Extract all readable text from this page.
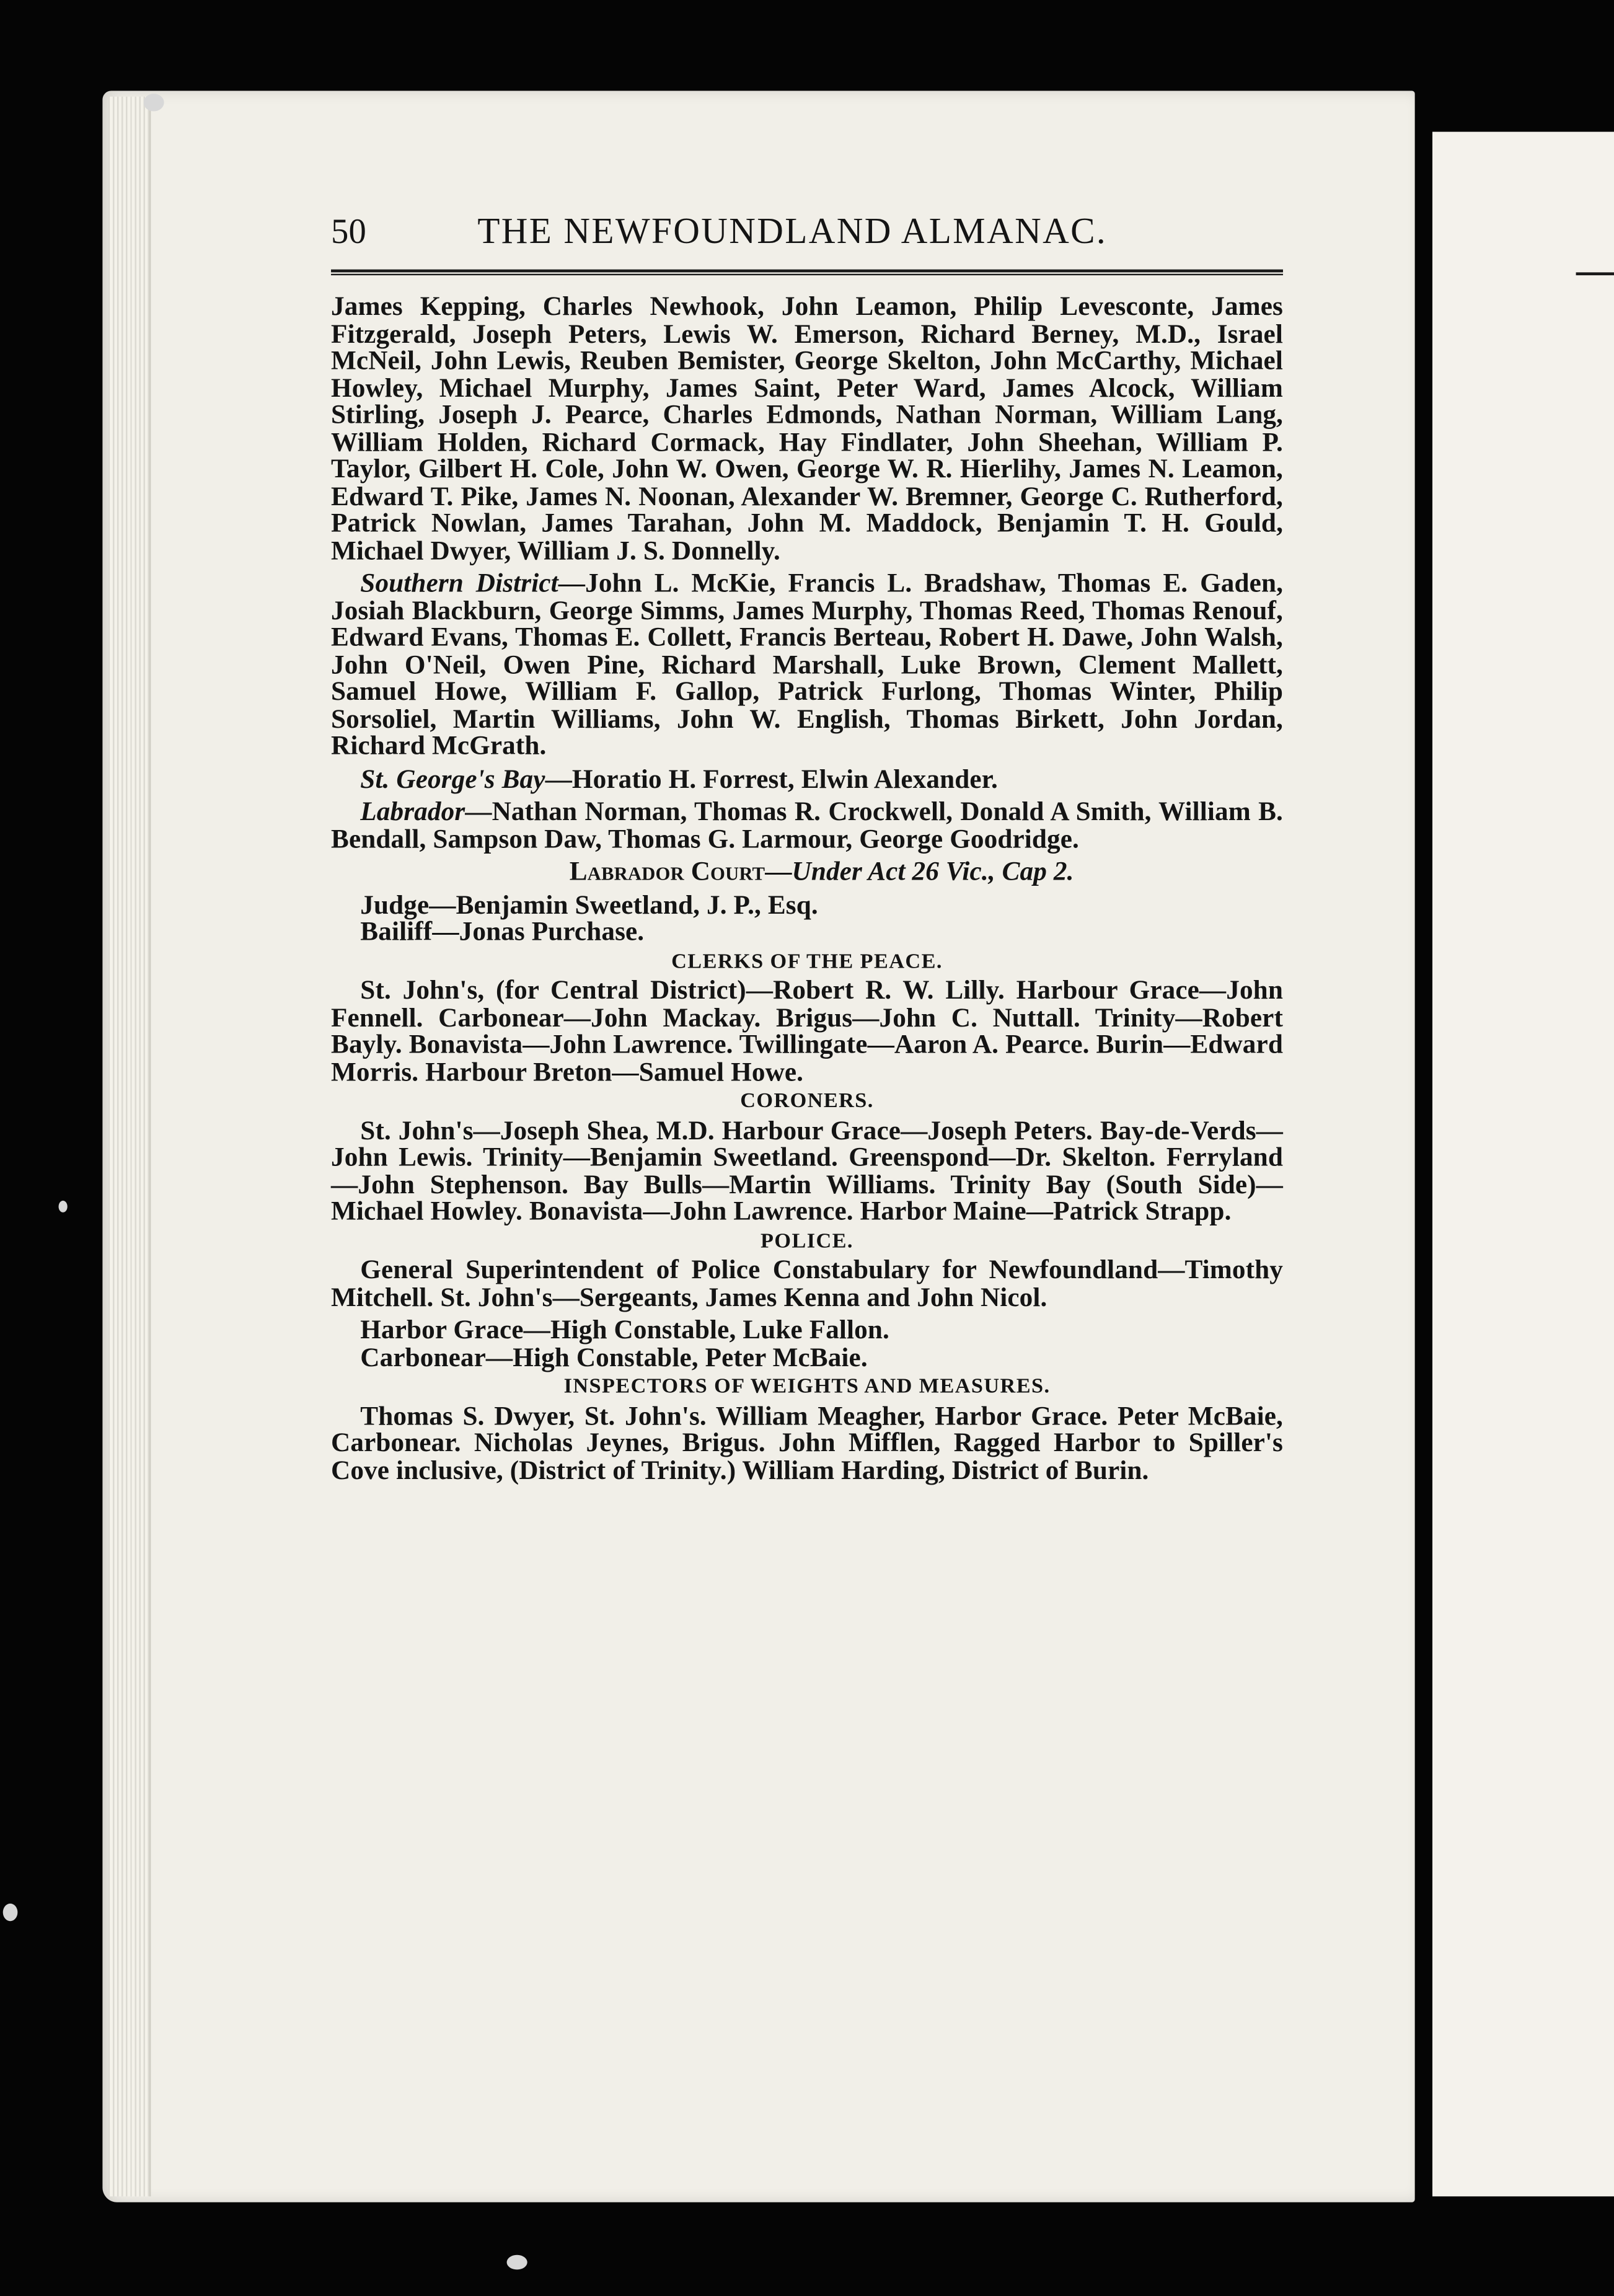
50	THE NEWFOUNDLAND ALMANAC.

James Kepping, Charles Newhook, John Leamon, Philip Levesconte, James Fitzgerald, Joseph Peters, Lewis W. Emerson, Richard Berney, M.D., Israel McNeil, John Lewis, Reuben Bemister, George Skelton, John McCarthy, Michael Howley, Michael Murphy, James Saint, Peter Ward, James Alcock, William Stirling, Joseph J. Pearce, Charles Edmonds, Nathan Norman, William Lang, William Holden, Richard Cormack, Hay Findlater, John Sheehan, William P. Taylor, Gilbert H. Cole, John W. Owen, George W. R. Hierlihy, James N. Leamon, Edward T. Pike, James N. Noonan, Alexander W. Bremner, George C. Rutherford, Patrick Nowlan, James Tarahan, John M. Maddock, Benjamin T. H. Gould, Michael Dwyer, William J. S. Donnelly.

Southern District—John L. McKie, Francis L. Bradshaw, Thomas E. Gaden, Josiah Blackburn, George Simms, James Murphy, Thomas Reed, Thomas Renouf, Edward Evans, Thomas E. Collett, Francis Berteau, Robert H. Dawe, John Walsh, John O'Neil, Owen Pine, Richard Marshall, Luke Brown, Clement Mallett, Samuel Howe, William F. Gallop, Patrick Furlong, Thomas Winter, Philip Sorsoliel, Martin Williams, John W. English, Thomas Birkett, John Jordan, Richard McGrath.

St. George's Bay—Horatio H. Forrest, Elwin Alexander.

Labrador—Nathan Norman, Thomas R. Crockwell, Donald A Smith, William B. Bendall, Sampson Daw, Thomas G. Larmour, George Goodridge.

Labrador Court—Under Act 26 Vic., Cap 2.

Judge—Benjamin Sweetland, J. P., Esq.

Bailiff—Jonas Purchase.

CLERKS OF THE PEACE.

St. John's, (for Central District)—Robert R. W. Lilly. Harbour Grace—John Fennell. Carbonear—John Mackay. Brigus—John C. Nuttall. Trinity—Robert Bayly. Bonavista—John Lawrence. Twillingate—Aaron A. Pearce. Burin—Edward Morris. Harbour Breton—Samuel Howe.

CORONERS.

St. John's—Joseph Shea, M.D. Harbour Grace—Joseph Peters. Bay-de-Verds—John Lewis. Trinity—Benjamin Sweetland. Greenspond—Dr. Skelton. Ferryland—John Stephenson. Bay Bulls—Martin Williams. Trinity Bay (South Side)—Michael Howley. Bonavista—John Lawrence. Harbor Maine—Patrick Strapp.

POLICE.

General Superintendent of Police Constabulary for Newfoundland—Timothy Mitchell. St. John's—Sergeants, James Kenna and John Nicol.

Harbor Grace—High Constable, Luke Fallon.

Carbonear—High Constable, Peter McBaie.

INSPECTORS OF WEIGHTS AND MEASURES.

Thomas S. Dwyer, St. John's. William Meagher, Harbor Grace. Peter McBaie, Carbonear. Nicholas Jeynes, Brigus. John Mifflen, Ragged Harbor to Spiller's Cove inclusive, (District of Trinity.) William Harding, District of Burin.
